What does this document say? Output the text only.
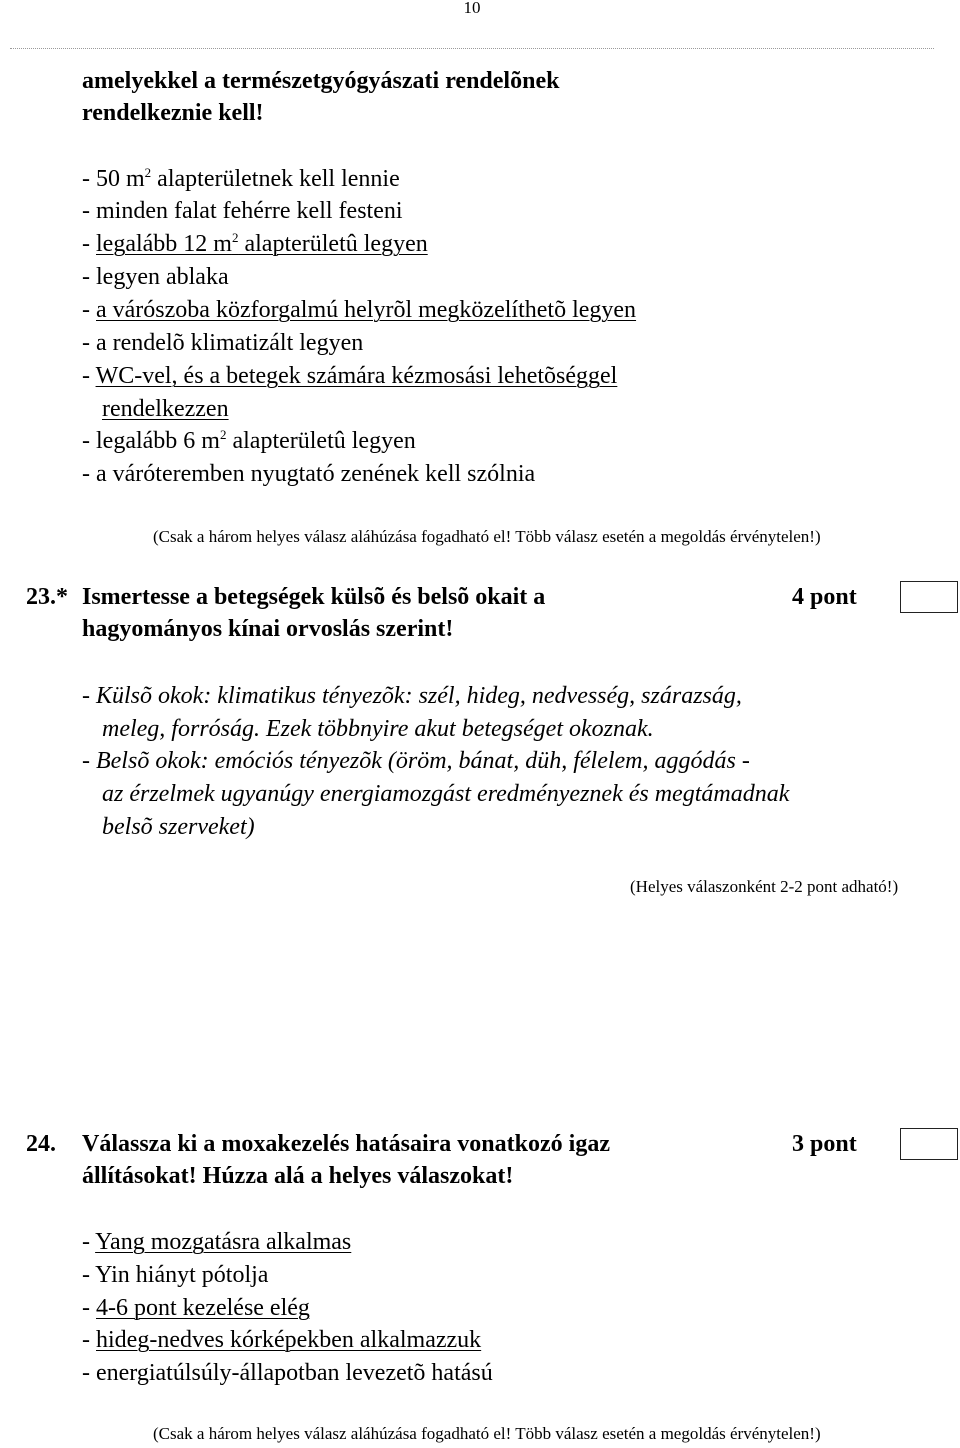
10
amelyekkel a természetgyógyászati rendelõnek
rendelkeznie kell!
- 50 $m^2$ alapterületnek kell lennie
- minden falat fehérre kell festeni
- legalább 12 $m^2$ alapterületû legyen
- legyen ablaka
- a várószoba közforgalmú helyrõl megközelíthetõ legyen
- a rendelõ klimatizált legyen
- WC-vel, és a betegek számára kézmosási lehetõséggel
rendelkezzen
- legalább 6 $m^2$ alapterületû legyen
- a váróteremben nyugtató zenének kell szólnia
(Csak a három helyes válasz aláhúzása fogadható el! Több válasz esetén a megoldás érvénytelen!)
23.* Ismertesse a betegségek külsõ és belsõ okait a
hagyományos kínai orvoslás szerint!
4 pont
- Külsõ okok: klimatikus tényezõk: szél, hideg, nedvesség, szárazság,
meleg, forróság. Ezek többnyire akut betegséget okoznak.
- Belsõ okok: emóciós tényezõk (öröm, bánat, düh, félelem, aggódás -
az érzelmek ugyanúgy energiamozgást eredményeznek és megtámadnak
belsõ szerveket)
(Helyes válaszonként 2-2 pont adható!)
24. Válassza ki a moxakezelés hatásaira vonatkozó igaz
állításokat! Húzza alá a helyes válaszokat!
3 pont
- Yang mozgatásra alkalmas
- Yin hiányt pótolja
- 4-6 pont kezelése elég
- hideg-nedves kórképekben alkalmazzuk
- energiatúlsúly-állapotban levezetõ hatású
(Csak a három helyes válasz aláhúzása fogadható el! Több válasz esetén a megoldás érvénytelen!)
